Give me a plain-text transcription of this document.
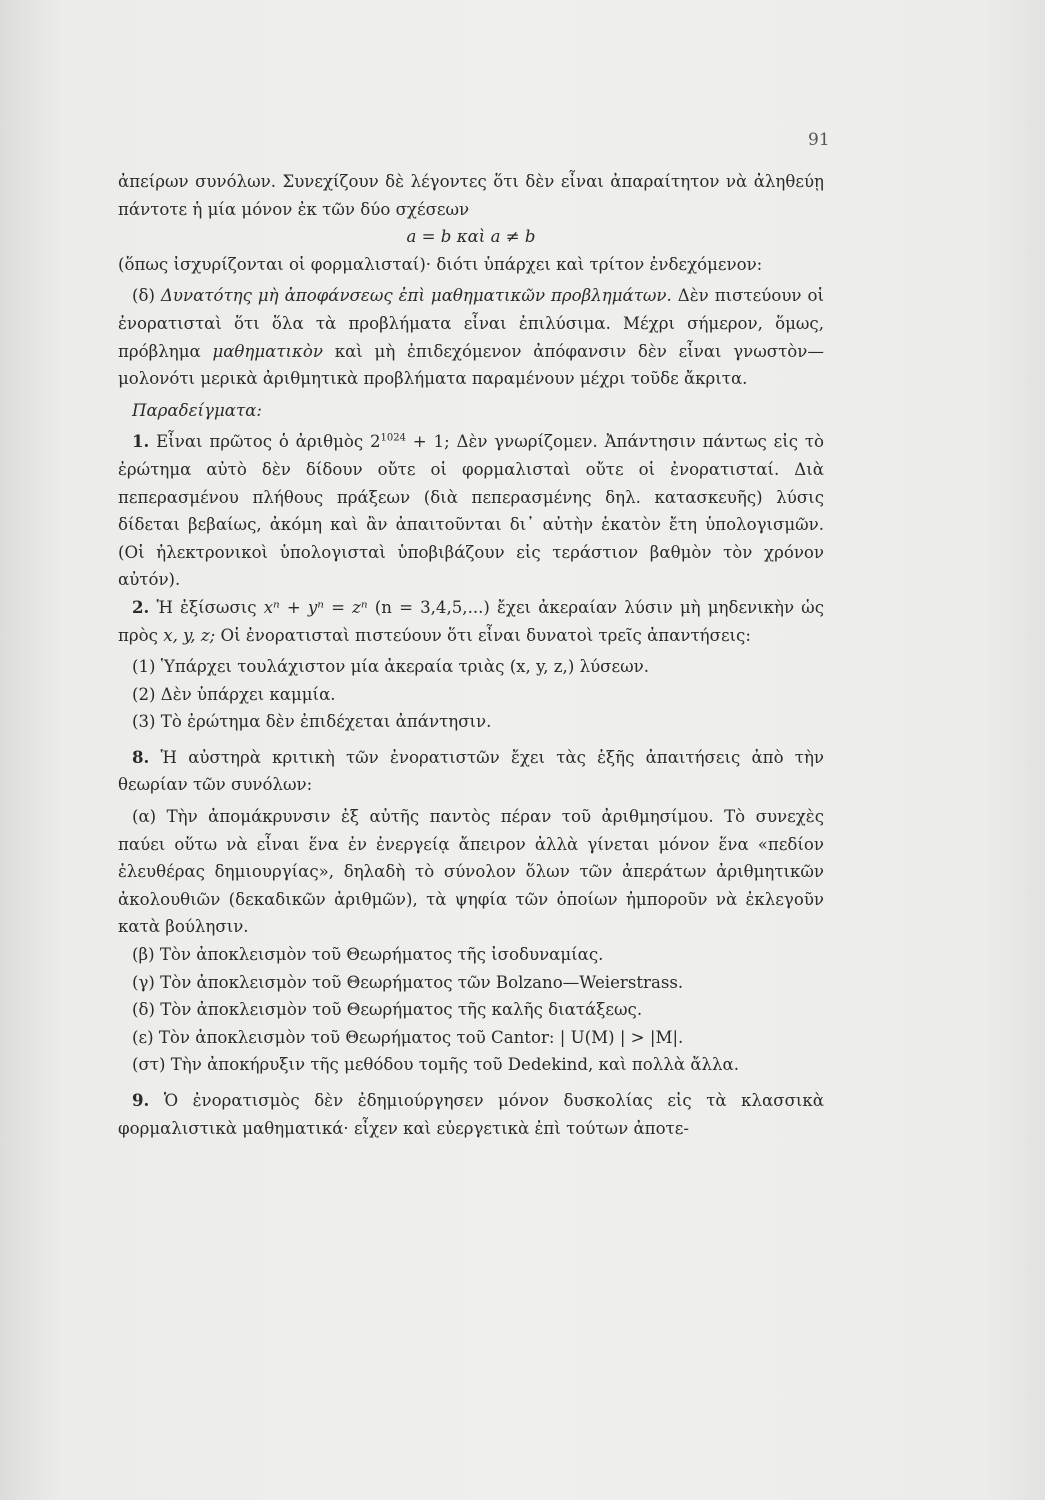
91

ἀπείρων συνόλων. Συνεχίζουν δὲ λέγοντες ὅτι δὲν εἶναι ἀπαραίτητον νὰ ἀληθεύῃ πάντοτε ἡ μία μόνον ἐκ τῶν δύο σχέσεων

a = b καὶ a ≠ b

(ὅπως ἰσχυρίζονται οἱ φορμαλισταί)· διότι ὑπάρχει καὶ τρίτον ἐνδεχόμενον:

(δ) Δυνατότης μὴ ἀποφάνσεως ἐπὶ μαθηματικῶν προβλημάτων. Δὲν πιστεύουν οἱ ἐνορατισταὶ ὅτι ὅλα τὰ προβλήματα εἶναι ἐπιλύσιμα. Μέχρι σήμερον, ὅμως, πρόβλημα μαθηματικὸν καὶ μὴ ἐπιδεχόμενον ἀπόφανσιν δὲν εἶναι γνωστὸν—μολονότι μερικὰ ἀριθμητικὰ προβλήματα παραμένουν μέχρι τοῦδε ἄκριτα.

Παραδείγματα:

1. Εἶναι πρῶτος ὁ ἀριθμὸς $2^{1024} + 1$; Δὲν γνωρίζομεν. Ἀπάντησιν πάντως εἰς τὸ ἐρώτημα αὐτὸ δὲν δίδουν οὔτε οἱ φορμαλισταὶ οὔτε οἱ ἐνορατισταί. Διὰ πεπερασμένου πλήθους πράξεων (διὰ πεπερασμένης δηλ. κατασκευῆς) λύσις δίδεται βεβαίως, ἀκόμη καὶ ἂν ἀπαιτοῦνται δι᾽ αὐτὴν ἑκατὸν ἔτη ὑπολογισμῶν. (Οἱ ἠλεκτρονικοὶ ὑπολογισταὶ ὑποβιβάζουν εἰς τεράστιον βαθμὸν τὸν χρόνον αὐτόν).

2. Ἡ ἐξίσωσις xⁿ + yⁿ = zⁿ (n = 3,4,5,...) ἔχει ἀκεραίαν λύσιν μὴ μηδενικὴν ὡς πρὸς x, y, z; Οἱ ἐνορατισταὶ πιστεύουν ὅτι εἶναι δυνατοὶ τρεῖς ἀπαντήσεις:

(1) Ὑπάρχει τουλάχιστον μία ἀκεραία τριὰς (x, y, z,) λύσεων.

(2) Δὲν ὑπάρχει καμμία.

(3) Τὸ ἐρώτημα δὲν ἐπιδέχεται ἀπάντησιν.

8. Ἡ αὐστηρὰ κριτικὴ τῶν ἐνορατιστῶν ἔχει τὰς ἑξῆς ἀπαιτήσεις ἀπὸ τὴν θεωρίαν τῶν συνόλων:

(α) Τὴν ἀπομάκρυνσιν ἐξ αὐτῆς παντὸς πέραν τοῦ ἀριθμησίμου. Τὸ συνεχὲς παύει οὕτω νὰ εἶναι ἕνα ἐν ἐνεργείᾳ ἄπειρον ἀλλὰ γίνεται μόνον ἕνα «πεδίον ἐλευθέρας δημιουργίας», δηλαδὴ τὸ σύνολον ὅλων τῶν ἀπεράτων ἀριθμητικῶν ἀκολουθιῶν (δεκαδικῶν ἀριθμῶν), τὰ ψηφία τῶν ὁποίων ἠμποροῦν νὰ ἐκλεγοῦν κατὰ βούλησιν.

(β) Τὸν ἀποκλεισμὸν τοῦ Θεωρήματος τῆς ἰσοδυναμίας.

(γ) Τὸν ἀποκλεισμὸν τοῦ Θεωρήματος τῶν Bolzano—Weierstrass.

(δ) Τὸν ἀποκλεισμὸν τοῦ Θεωρήματος τῆς καλῆς διατάξεως.

(ε) Τὸν ἀποκλεισμὸν τοῦ Θεωρήματος τοῦ Cantor: | U(M) | > |M|.

(στ) Τὴν ἀποκήρυξιν τῆς μεθόδου τομῆς τοῦ Dedekind, καὶ πολλὰ ἄλλα.

9. Ὁ ἐνορατισμὸς δὲν ἐδημιούργησεν μόνον δυσκολίας εἰς τὰ κλασσικὰ φορμαλιστικὰ μαθηματικά· εἶχεν καὶ εὐεργετικὰ ἐπὶ τούτων ἀποτε-
